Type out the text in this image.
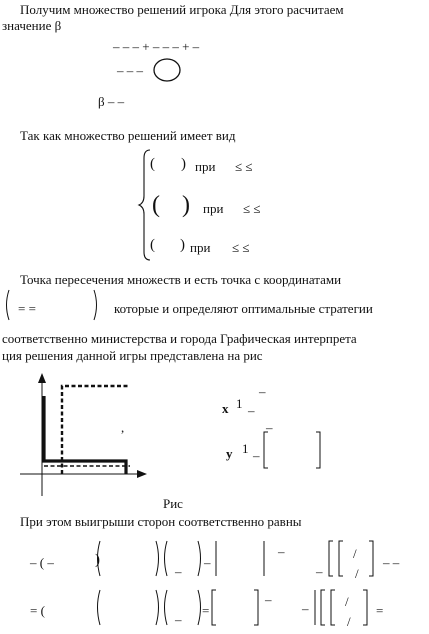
Получим множество решений игрока Для этого расчитаем
значение β
– – – + – – – + –
– – –
β – –
Так как множество решений имеет вид
( ) при ≤ ≤
( ) при ≤ ≤
( ) при ≤ ≤
Точка пересечения множеств и есть точка с координатами
= =	которые и определяют оптимальные стратегии
соответственно министерства и города Графическая интерпрета
ция решения данной игры представлена на рис
Рис
,
x 1 –
–
y 1 –
–
При этом выигрыши сторон соответственно равны
– ( –	)
–
–
–
–
/
/
– –
= (
–
=
–
–	/
/
=
